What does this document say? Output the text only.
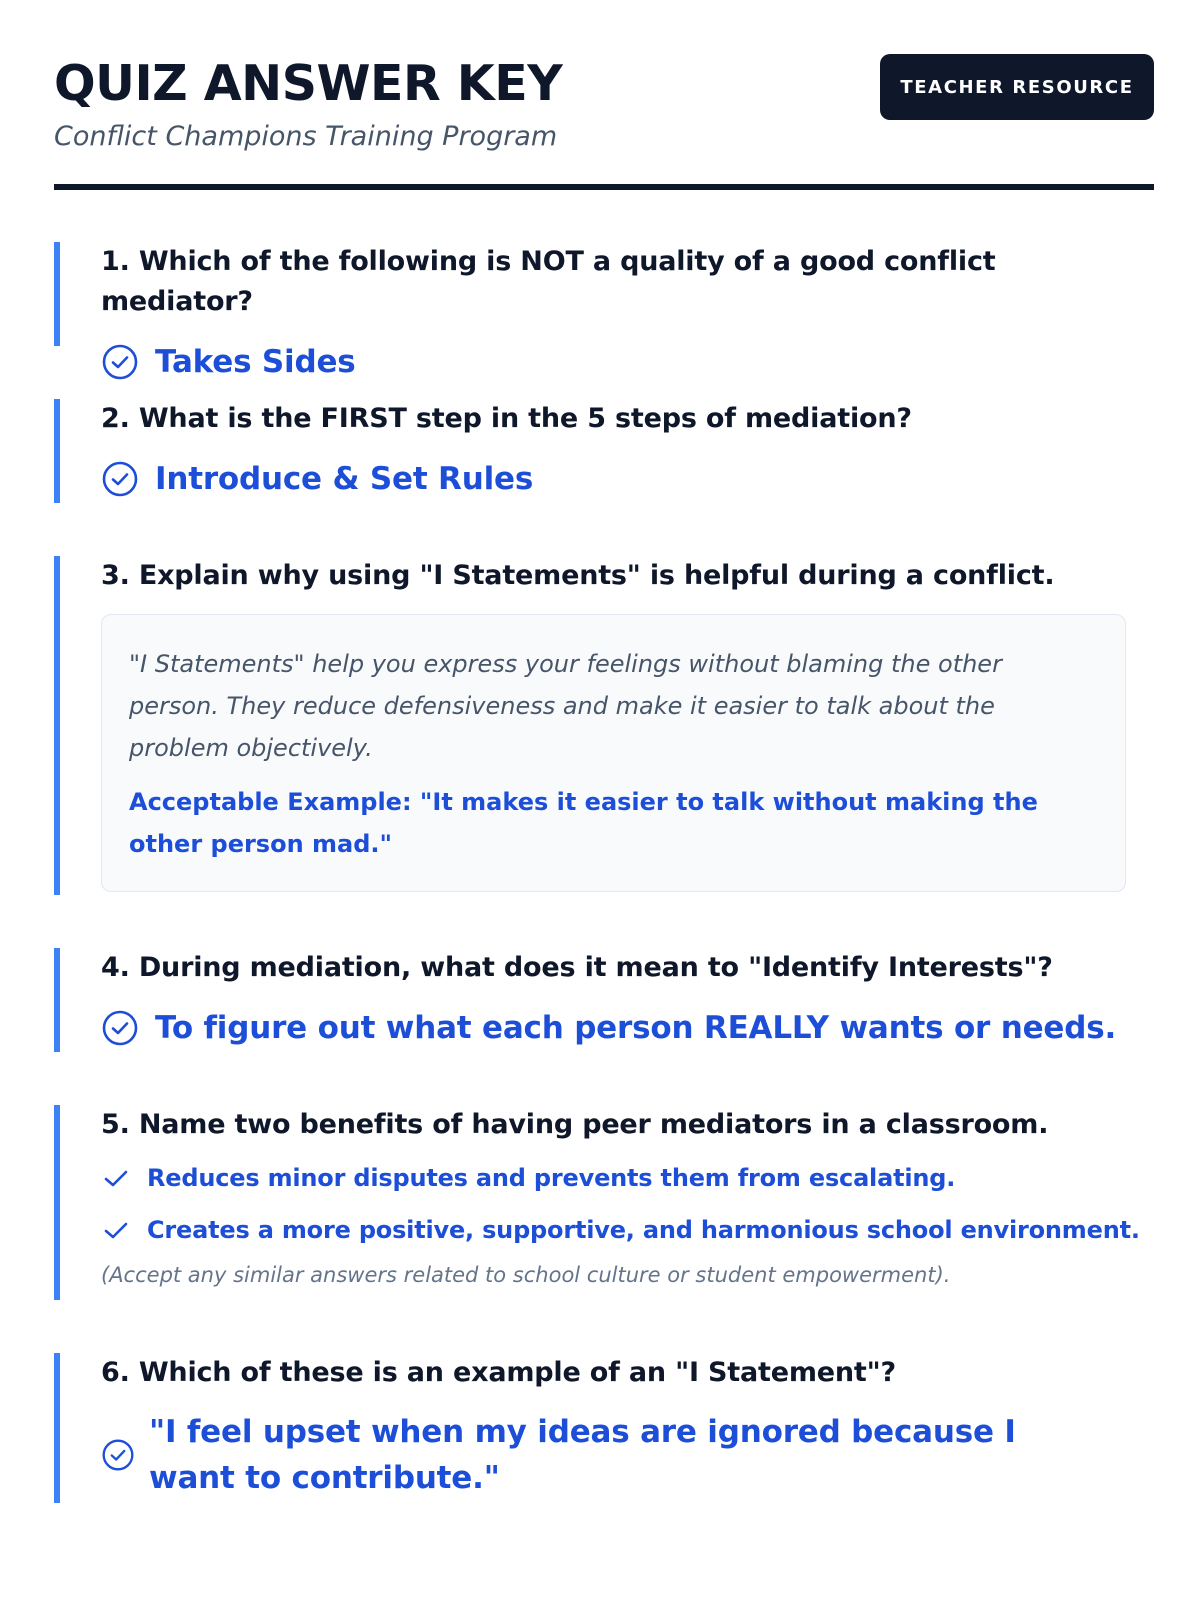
QUIZ ANSWER KEY

Conflict Champions Training Program

TEACHER RESOURCE

1. Which of the following is NOT a quality of a good conflict mediator?

Takes Sides

2. What is the FIRST step in the 5 steps of mediation?

Introduce & Set Rules

3. Explain why using "I Statements" is helpful during a conflict.

"I Statements" help you express your feelings without blaming the other person. They reduce defensiveness and make it easier to talk about the problem objectively.

Acceptable Example: "It makes it easier to talk without making the other person mad."

4. During mediation, what does it mean to "Identify Interests"?

To figure out what each person REALLY wants or needs.

5. Name two benefits of having peer mediators in a classroom.

Reduces minor disputes and prevents them from escalating.
Creates a more positive, supportive, and harmonious school environment.

(Accept any similar answers related to school culture or student empowerment).

6. Which of these is an example of an "I Statement"?

"I feel upset when my ideas are ignored because I want to contribute."
